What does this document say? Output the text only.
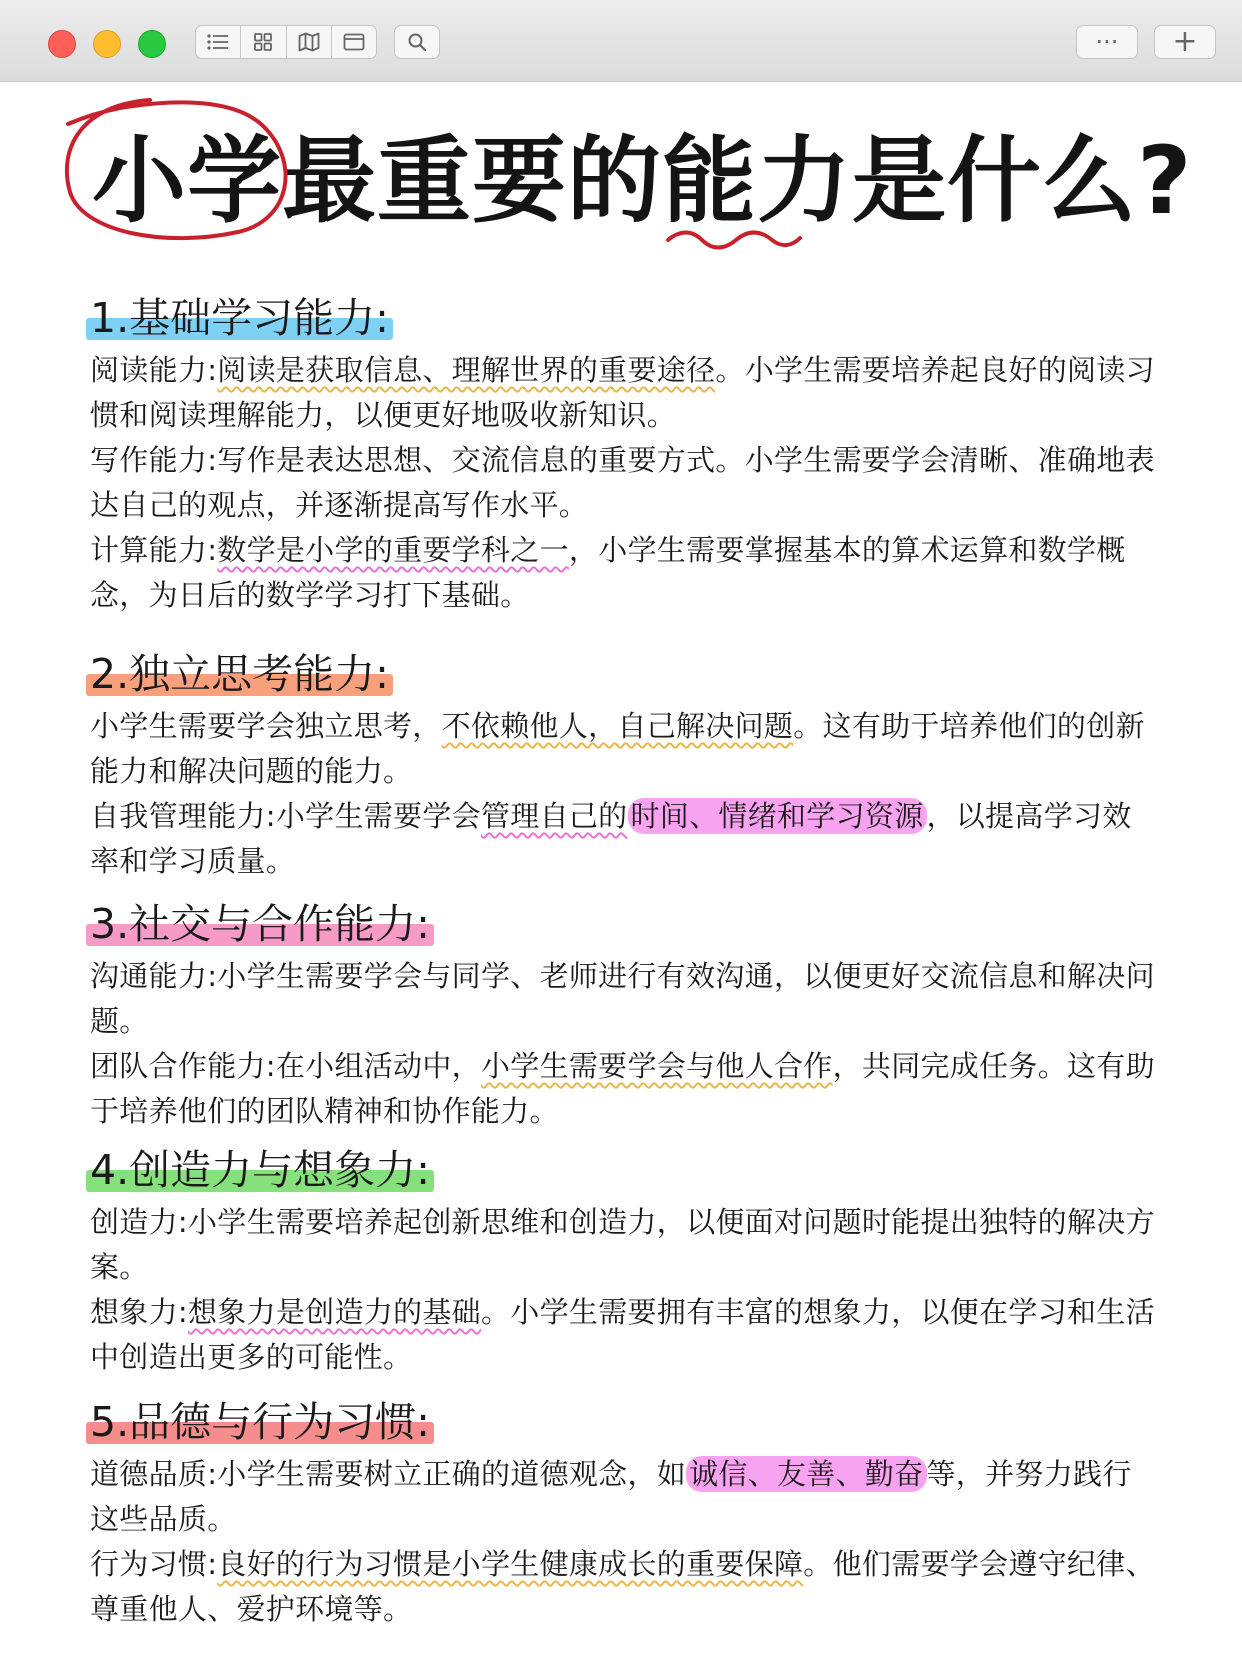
··· +
小学最重要的能力是什么?
1.基础学习能力:

阅读能力:阅读是获取信息、理解世界的重要途径。小学生需要培养起良好的阅读习惯和阅读理解能力，以便更好地吸收新知识。

写作能力:写作是表达思想、交流信息的重要方式。小学生需要学会清晰、准确地表达自己的观点，并逐渐提高写作水平。

计算能力:数学是小学的重要学科之一，小学生需要掌握基本的算术运算和数学概念，为日后的数学学习打下基础。

2.独立思考能力:

小学生需要学会独立思考，不依赖他人，自己解决问题。这有助于培养他们的创新能力和解决问题的能力。

自我管理能力:小学生需要学会管理自己的 时间、情绪和学习资源 ，以提高学习效率和学习质量。

3.社交与合作能力:

沟通能力:小学生需要学会与同学、老师进行有效沟通，以便更好交流信息和解决问题。

团队合作能力:在小组活动中，小学生需要学会与他人合作，共同完成任务。这有助于培养他们的团队精神和协作能力。

4.创造力与想象力:

创造力:小学生需要培养起创新思维和创造力，以便面对问题时能提出独特的解决方案。

想象力:想象力是创造力的基础。小学生需要拥有丰富的想象力，以便在学习和生活中创造出更多的可能性。

5.品德与行为习惯:

道德品质:小学生需要树立正确的道德观念，如 诚信、友善、勤奋 等，并努力践行这些品质。

行为习惯:良好的行为习惯是小学生健康成长的重要保障。他们需要学会遵守纪律、尊重他人、爱护环境等。
